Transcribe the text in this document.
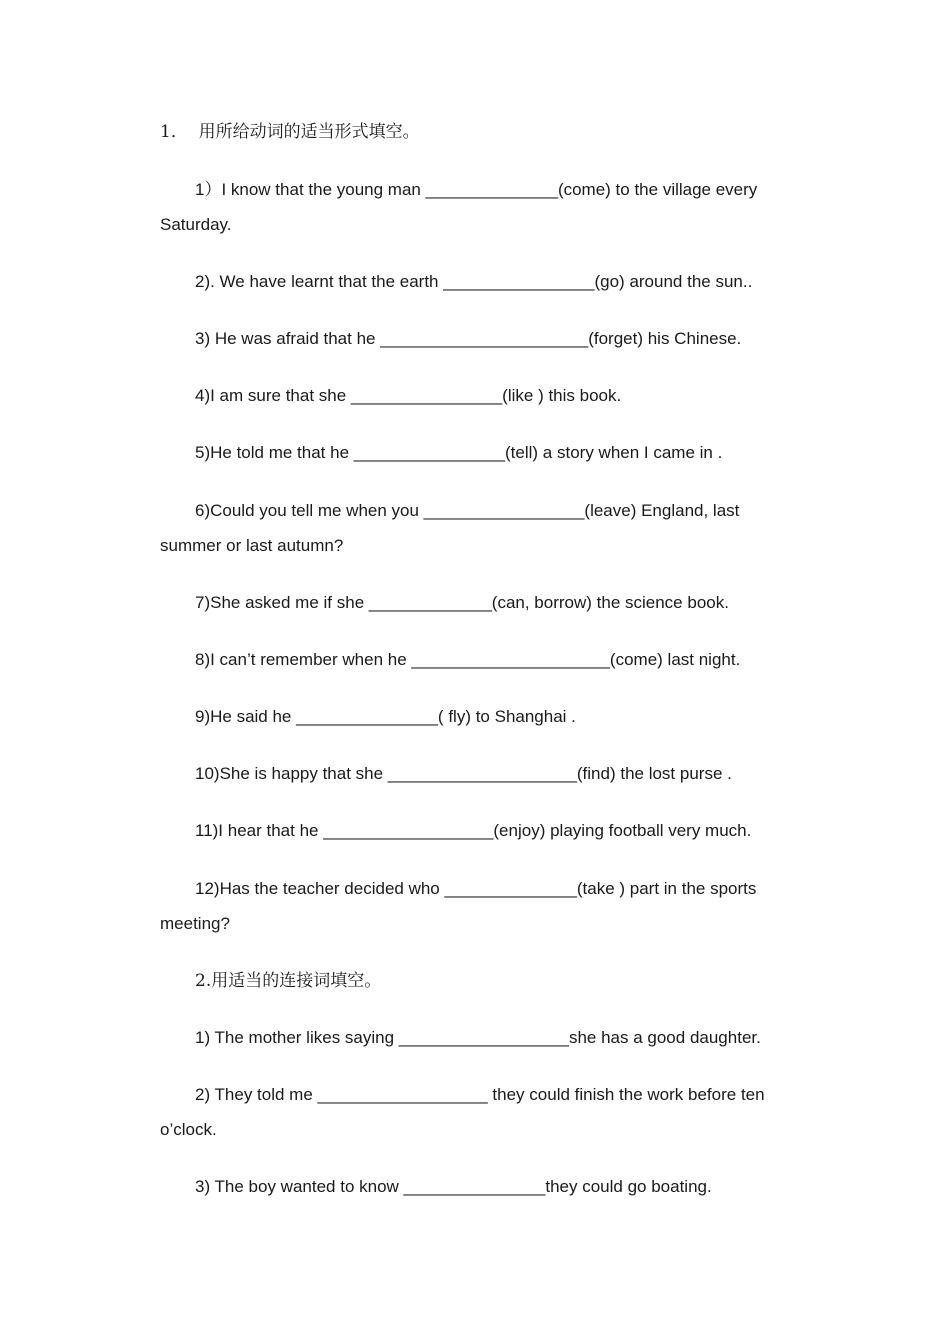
1．  用所给动词的适当形式填空。
1）I know that the young man ______________(come) to the village every
Saturday.
2). We have learnt that the earth ________________(go) around the sun..
3) He was afraid that he ______________________(forget) his Chinese.
4)I am sure that she ________________(like ) this book.
5)He told me that he ________________(tell) a story when I came in .
6)Could you tell me when you _________________(leave) England, last
summer or last autumn?
7)She asked me if she _____________(can, borrow) the science book.
8)I can’t remember when he _____________________(come) last night.
9)He said he _______________( fly) to Shanghai .
10)She is happy that she ____________________(find) the lost purse .
11)I hear that he __________________(enjoy) playing football very much.
12)Has the teacher decided who ______________(take ) part in the sports
meeting?
2.用适当的连接词填空。
1) The mother likes saying __________________she has a good daughter.
2) They told me __________________ they could finish the work before ten
o’clock.
3) The boy wanted to know _______________they could go boating.
